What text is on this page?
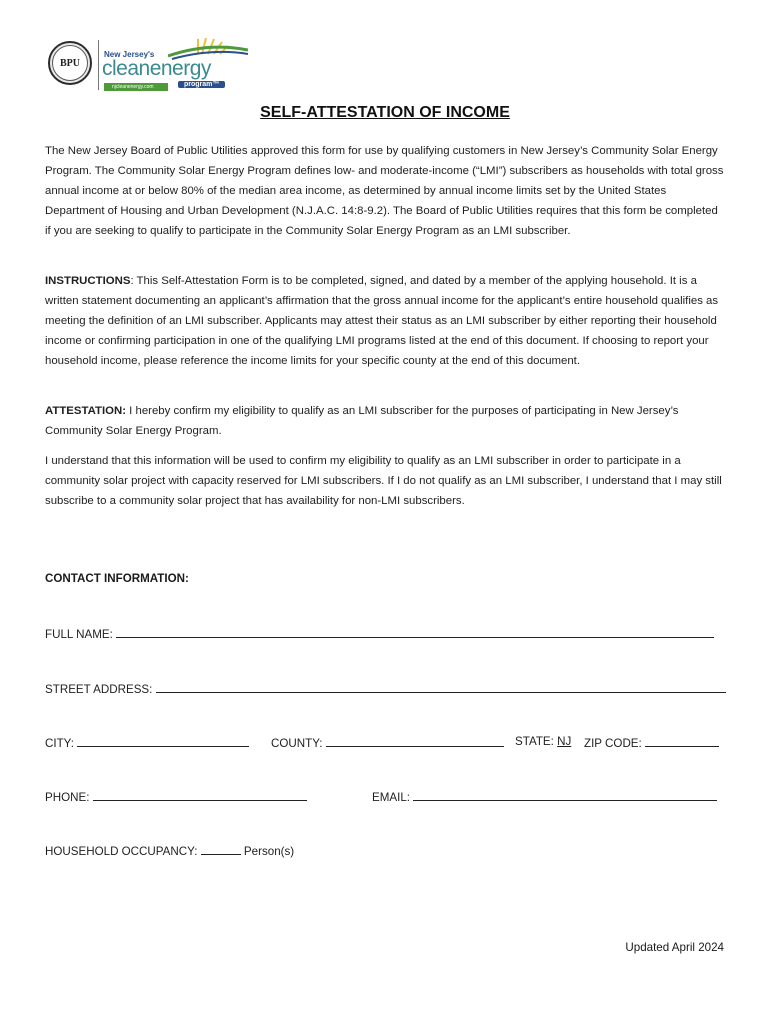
BPU
New Jersey's
cleanenergy
njcleanenergy.com	program™
SELF-ATTESTATION OF INCOME

The New Jersey Board of Public Utilities approved this form for use by qualifying customers in New Jersey’s Community Solar Energy Program. The Community Solar Energy Program defines low- and moderate-income (“LMI”) subscribers as households with total gross annual income at or below 80% of the median area income, as determined by annual income limits set by the United States Department of Housing and Urban Development (N.J.A.C. 14:8-9.2). The Board of Public Utilities requires that this form be completed if you are seeking to qualify to participate in the Community Solar Energy Program as an LMI subscriber.

INSTRUCTIONS: This Self-Attestation Form is to be completed, signed, and dated by a member of the applying household. It is a written statement documenting an applicant’s affirmation that the gross annual income for the applicant’s entire household qualifies as meeting the definition of an LMI subscriber. Applicants may attest their status as an LMI subscriber by either reporting their household income or confirming participation in one of the qualifying LMI programs listed at the end of this document. If choosing to report your household income, please reference the income limits for your specific county at the end of this document.

ATTESTATION: I hereby confirm my eligibility to qualify as an LMI subscriber for the purposes of participating in New Jersey’s Community Solar Energy Program.

I understand that this information will be used to confirm my eligibility to qualify as an LMI subscriber in order to participate in a community solar project with capacity reserved for LMI subscribers. If I do not qualify as an LMI subscriber, I understand that I may still subscribe to a community solar project that has availability for non-LMI subscribers.

CONTACT INFORMATION:
FULL NAME:
STREET ADDRESS:
CITY:	COUNTY:	STATE: NJ ZIP CODE:
PHONE:	EMAIL:
HOUSEHOLD OCCUPANCY:	Person(s)
Updated April 2024
